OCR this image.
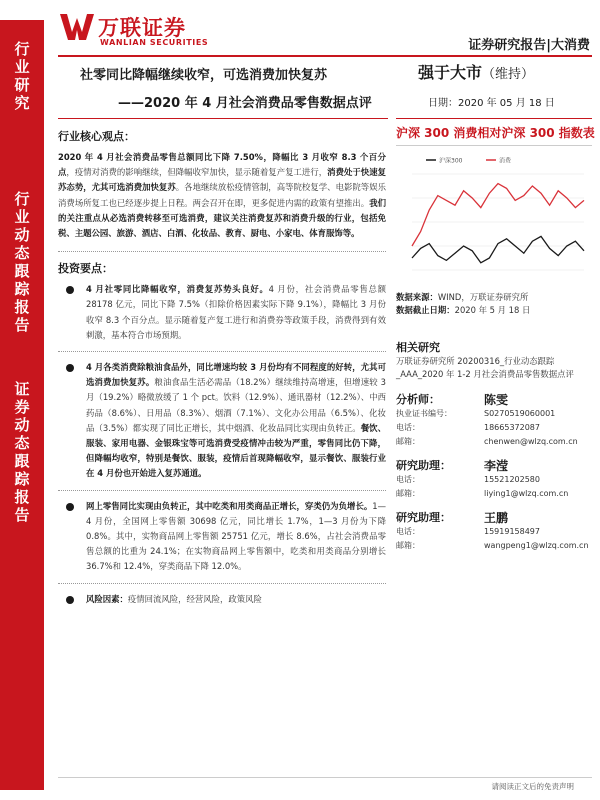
行
业
研
究
行
业
动
态
跟
踪
报
告
证
券
动
态
跟
踪
报
告
万联证券
WANLIAN SECURITIES	证券研究报告|大消费
社零同比降幅继续收窄，可选消费加快复苏
——2020 年 4 月社会消费品零售数据点评
强于大市（维持）
日期：2020 年 05 月 18 日
行业核心观点：
2020 年 4 月社会消费品零售总额同比下降 7.50%，降幅比 3 月收窄 8.3 个百分点，疫情对消费的影响继续，但降幅收窄加快，显示随着复产复工进行，消费处于快速复苏态势，尤其可选消费加快复苏。各地继续放松疫情管制，高等院校复学、电影院等娱乐消费场所复工也已经逐步提上日程。两会召开在即，更多促进内需的政策有望推出。我们的关注重点从必选消费转移至可选消费，建议关注消费复苏和消费升级的行业，包括免税、主题公园、旅游、酒店、白酒、化妆品、教育、厨电、小家电、体育服饰等。
投资要点：
4 月社零同比降幅收窄，消费复苏势头良好。4 月份，社会消费品零售总额 28178 亿元，同比下降 7.5%（扣除价格因素实际下降 9.1%），降幅比 3 月份收窄 8.3 个百分点。显示随着复产复工进行和消费券等政策手段，消费得到有效刺激，基本符合市场预期。
4 月各类消费除粮油食品外，同比增速均较 3 月份均有不同程度的好转，尤其可选消费加快复苏。粮油食品生活必需品（18.2%）继续维持高增速，但增速较 3 月（19.2%）略微放缓了 1 个 pct。饮料（12.9%）、通讯器材（12.2%）、中西药品（8.6%）、日用品（8.3%）、烟酒（7.1%）、文化办公用品（6.5%）、化妆品（3.5%）都实现了同比正增长，其中烟酒、化妆品同比实现由负转正。餐饮、服装、家用电器、金银珠宝等可选消费受疫情冲击较为严重，零售同比仍下降，但降幅均收窄，特别是餐饮、服装，疫情后首现降幅收窄，显示餐饮、服装行业在 4 月份也开始进入复苏通道。
网上零售同比实现由负转正，其中吃类和用类商品正增长，穿类仍为负增长。1—4 月份，全国网上零售额 30698 亿元，同比增长 1.7%，1—3 月份为下降 0.8%。其中，实物商品网上零售额 25751 亿元，增长 8.6%，占社会消费品零售总额的比重为 24.1%；在实物商品网上零售额中，吃类和用类商品分别增长 36.7%和 12.4%，穿类商品下降 12.0%。
风险因素：疫情回流风险，经营风险，政策风险
沪深 300 消费相对沪深 300 指数表
沪深300	消费
数据来源：WIND，万联证券研究所
数据截止日期：2020 年 5 月 18 日
相关研究
万联证券研究所 20200316_行业动态跟踪
_AAA_2020 年 1-2 月社会消费品零售数据点评
分析师：	陈雯
执业证书编号：	S0270519060001
电话：	18665372087
邮箱：	chenwen@wlzq.com.cn
研究助理：	李滢
电话：	15521202580
邮箱：	liying1@wlzq.com.cn
研究助理：	王鹏
电话：	15919158497
邮箱：	wangpeng1@wlzq.com.cn
请阅读正文后的免责声明
